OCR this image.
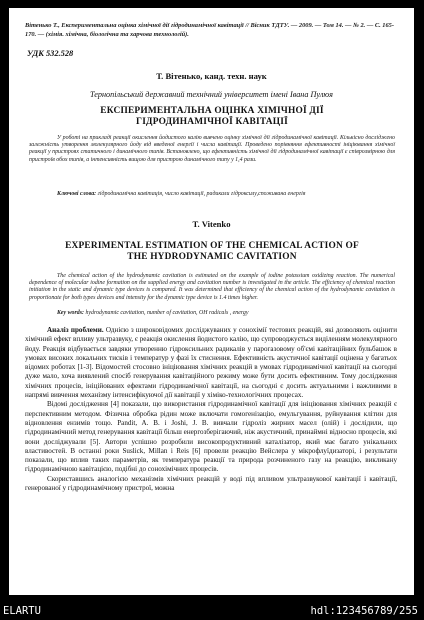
Вітенько Т., Експериментальна оцінка хімічної дії гідродинамічної кавітації // Вісник ТДТУ. — 2009. — Том 14. — № 2. — С. 165-170. — (хімія. хімічна, біологічна та харчова технологій).

УДК 532.528

Т. Вітенько, канд. техн. наук

Тернопільський державний технічний університет імені Івана Пулюя

ЕКСПЕРИМЕНТАЛЬНА ОЦІНКА ХІМІЧНОЇ ДІЇ
ГІДРОДИНАМІЧНОЇ КАВІТАЦІЇ

У роботі на прикладі реакції окислення йодистого калію вивчено оцінку хімічної дії гідродинамічної кавітації. Кількісно досліджено залежність утворення молекулярного йоду від введеної енергії і числа кавітації. Проведено порівняння ефективності ініціювання хімічної реакції у пристроях статичного і динамічного типів. Встановлено, що ефективність хімічної дії гідродинамічної кавітації є співрозмірною для пристроїв обох типів, а інтенсивність вищою для пристрою динамічного типу у 1,4 рази.

Ключові слова: гідродинамічна кавітація, число кавітації, радикали гідроксилу,споживана енергія

T. Vitenko

EXPERIMENTAL ESTIMATION OF THE CHEMICAL ACTION OF
THE HYDRODYNAMIC CAVITATION

The chemical action of the hydrodynamic cavitation is estimated on the example of iodine potassium oxidizing reaction. The numerical dependence of molecular iodine formation on the supplied energy and cavitation number is investigated in the article. The efficiency of chemical reaction initiation in the static and dynamic type devices is compared. It was determined that efficiency of the chemical action of the hydrodynamic cavitation is proportionate for both types devices and intensity for the dynamic type device is 1.4 times higher.

Key words: hydrodynamic cavitation, number of cavitation, OH radicals , energy

Аналіз проблеми. Однією з широковідомих досліджуваних у сонохімії тестових реакцій, які дозволяють оцінити хімічний ефект впливу ультразвуку, є реакція окислення йодистого калію, що супроводжується виділенням молекулярного йоду. Реакція відбувається завдяки утворенню гідроксильних радикалів у парогазовому об'ємі кавітаційних бульбашок в умовах високих локальних тисків і температур у фазі їх стиснення. Ефективність акустичної кавітації оцінена у багатьох відомих роботах [1-3]. Відомостей стосовно ініціювання хімічних реакцій в умовах гідродинамічної кавітації на сьогодні дуже мало, хоча виявлений спосіб генерування кавітаційного режиму може бути досить ефективним. Тому дослідження хімічних процесів, ініційованих ефектами гідродинамічної кавітації, на сьогодні є досить актуальними і важливими в напрямі вивчення механізму інтенсифікуючої дії кавітації у хіміко-технологічних процесах.

Відомі дослідження [4] показали, що використання гідродинамічної кавітації для ініціювання хімічних реакцій є перспективним методом. Фізична обробка рідин може включати гомогенізацію, емульгування, руйнування клітин для відновлення ензимів тощо. Pandit, A. B. i Joshi, J. B. вивчали гідроліз жирних масел (олій) і дослідили, що гідродинамічний метод генерування кавітації більш енергозберігаючий, ніж акустичний, принаймні відносно процесів, які вони досліджували [5]. Автори успішно розробили високопродуктивний каталізатор, який має багато унікальних властивостей. В останні роки Suslick, Millan i Reis [6] провели реакцію Вейслера у мікрофлуїдизаторі, і результати показали, що вплив таких параметрів, як температура реакції та природа розчиненого газу на реакцію, викликану гідродинамічною кавітацією, подібні до сонохімічних процесів.

Скориставшись аналогією механізмів хімічних реакцій у воді під впливом ультразвукової кавітації і кавітації, генерованої у гідродинамічному пристрої, можна

ELARTU	hdl:123456789/255
